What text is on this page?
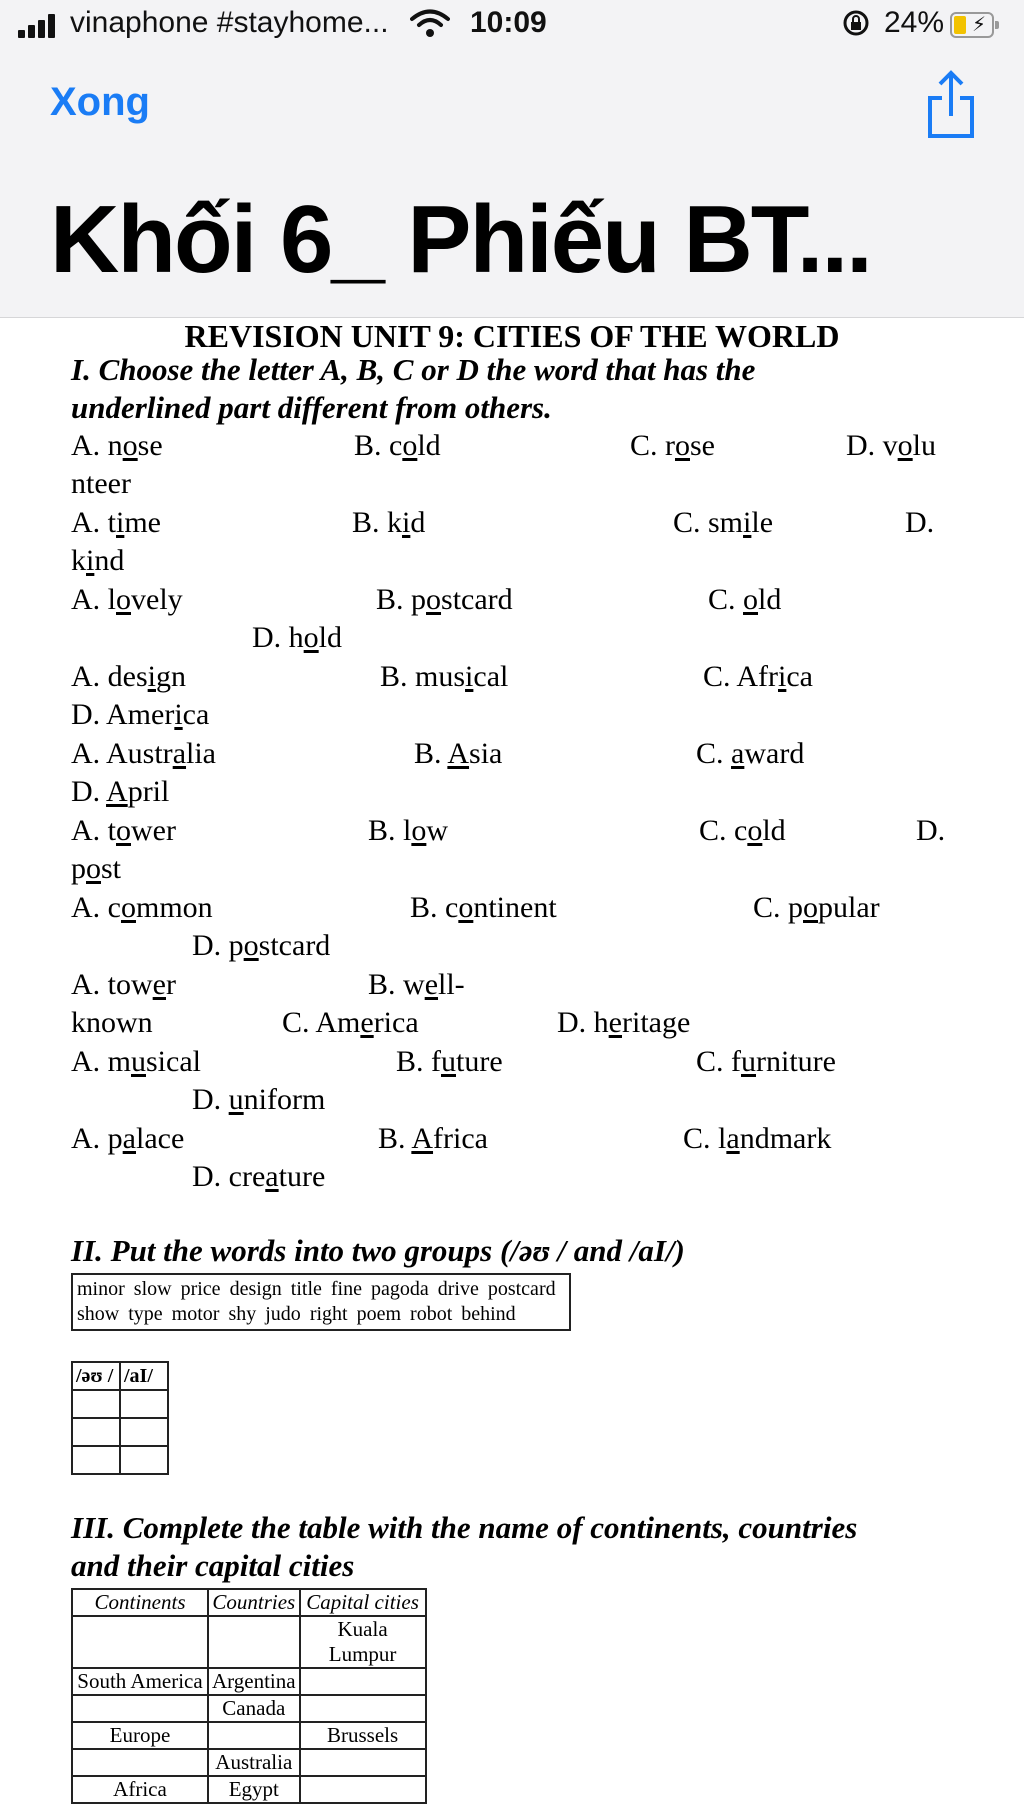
vinaphone #stayhome...	10:09	24% ⚡
Xong
Khối 6_ Phiếu BT...
REVISION UNIT 9: CITIES OF THE WORLD
I. Choose the letter A, B, C or D the word that has the
underlined part different from others.
A. nose	B. cold	C. rose	D. volu
nteer
A. time	B. kid	C. smile	D.
kind
A. lovely	B. postcard	C. old
D. hold
A. design	B. musical	C. Africa
D. America
A. Australia	B. Asia	C. award
D. April
A. tower	B. low	C. cold	D.
post
A. common	B. continent	C. popular
D. postcard
A. tower	B. well-
known	C. America	D. heritage
A. musical	B. future	C. furniture
D. uniform
A. palace	B. Africa	C. landmark
D. creature
II. Put the words into two groups (/əʊ / and /aI/)
minor slow price design title fine pagoda drive postcard
show type motor shy judo right poem robot behind
/əʊ /	/aI/

III. Complete the table with the name of continents, countries
and their capital cities
Continents	Countries	Capital cities
		Kuala Lumpur
South America	Argentina	
	Canada	
Europe		Brussels
	Australia	
Africa	Egypt	
